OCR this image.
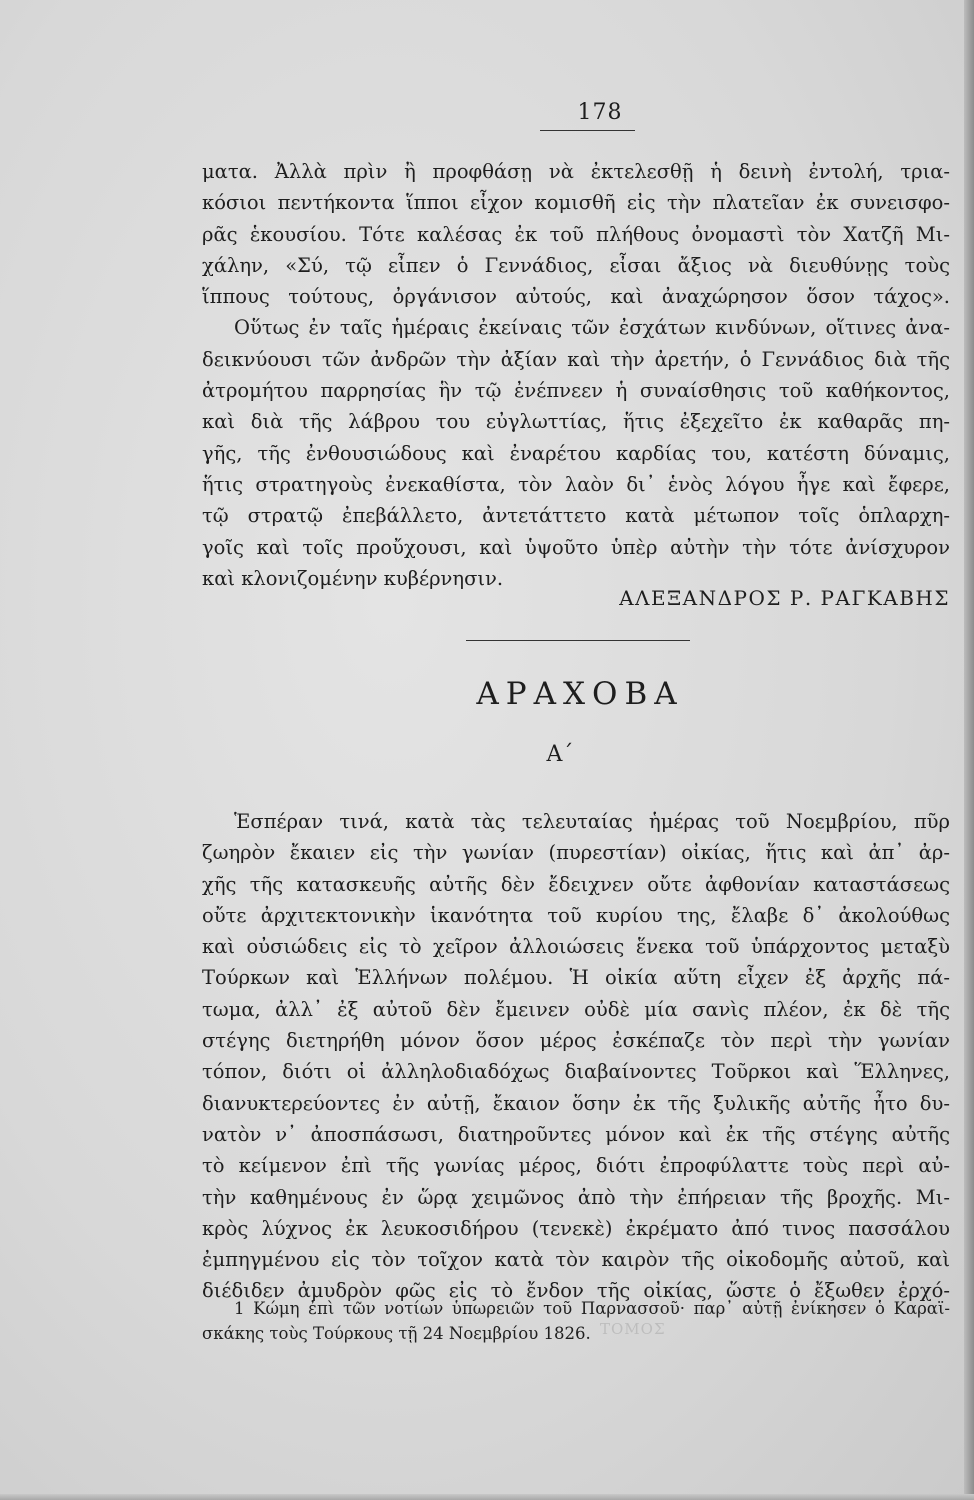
ΤΟΜΟΣ
178
ματα. Ἀλλὰ πρὶν ἢ προφθάσῃ νὰ ἐκτελεσθῇ ἡ δεινὴ ἐντολή, τρια-
κόσιοι πεντήκοντα ἵπποι εἶχον κομισθῆ εἰς τὴν πλατεῖαν ἐκ συνεισφο-
ρᾶς ἑκουσίου. Τότε καλέσας ἐκ τοῦ πλήθους ὀνομαστὶ τὸν Χατζῆ Μι-
χάλην, «Σύ, τῷ εἶπεν ὁ Γεννάδιος, εἶσαι ἄξιος νὰ διευθύνῃς τοὺς
ἵππους τούτους, ὀργάνισον αὐτούς, καὶ ἀναχώρησον ὅσον τάχος».
Οὕτως ἐν ταῖς ἡμέραις ἐκείναις τῶν ἐσχάτων κινδύνων, οἵτινες ἀνα-
δεικνύουσι τῶν ἀνδρῶν τὴν ἀξίαν καὶ τὴν ἀρετήν, ὁ Γεννάδιος διὰ τῆς
ἀτρομήτου παρρησίας ἣν τῷ ἐνέπνεεν ἡ συναίσθησις τοῦ καθήκοντος,
καὶ διὰ τῆς λάβρου του εὐγλωττίας, ἥτις ἐξεχεῖτο ἐκ καθαρᾶς πη-
γῆς, τῆς ἐνθουσιώδους καὶ ἐναρέτου καρδίας του, κατέστη δύναμις,
ἥτις στρατηγοὺς ἐνεκαθίστα, τὸν λαὸν δι᾿ ἑνὸς λόγου ἦγε καὶ ἔφερε,
τῷ στρατῷ ἐπεβάλλετο, ἀντετάττετο κατὰ μέτωπον τοῖς ὁπλαρχη-
γοῖς καὶ τοῖς προὔχουσι, καὶ ὑψοῦτο ὑπὲρ αὐτὴν τὴν τότε ἀνίσχυρον
καὶ κλονιζομένην κυβέρνησιν.
ΑΛΕΞΑΝΔΡΟΣ Ρ. ΡΑΓΚΑΒΗΣ
ΑΡΑΧΟΒΑ
Α΄
Ἑσπέραν τινά, κατὰ τὰς τελευταίας ἡμέρας τοῦ Νοεμβρίου, πῦρ
ζωηρὸν ἔκαιεν εἰς τὴν γωνίαν (πυρεστίαν) οἰκίας, ἥτις καὶ ἀπ᾿ ἀρ-
χῆς τῆς κατασκευῆς αὐτῆς δὲν ἔδειχνεν οὔτε ἀφθονίαν καταστάσεως
οὔτε ἀρχιτεκτονικὴν ἱκανότητα τοῦ κυρίου της, ἔλαβε δ᾿ ἀκολούθως
καὶ οὐσιώδεις εἰς τὸ χεῖρον ἀλλοιώσεις ἕνεκα τοῦ ὑπάρχοντος μεταξὺ
Τούρκων καὶ Ἑλλήνων πολέμου. Ἡ οἰκία αὕτη εἶχεν ἐξ ἀρχῆς πά-
τωμα, ἀλλ᾿ ἐξ αὐτοῦ δὲν ἔμεινεν οὐδὲ μία σανὶς πλέον, ἐκ δὲ τῆς
στέγης διετηρήθη μόνον ὅσον μέρος ἐσκέπαζε τὸν περὶ τὴν γωνίαν
τόπον, διότι οἱ ἀλληλοδιαδόχως διαβαίνοντες Τοῦρκοι καὶ Ἕλληνες,
διανυκτερεύοντες ἐν αὐτῇ, ἔκαιον ὅσην ἐκ τῆς ξυλικῆς αὐτῆς ἦτο δυ-
νατὸν ν᾿ ἀποσπάσωσι, διατηροῦντες μόνον καὶ ἐκ τῆς στέγης αὐτῆς
τὸ κείμενον ἐπὶ τῆς γωνίας μέρος, διότι ἐπροφύλαττε τοὺς περὶ αὐ-
τὴν καθημένους ἐν ὥρᾳ χειμῶνος ἀπὸ τὴν ἐπήρειαν τῆς βροχῆς. Μι-
κρὸς λύχνος ἐκ λευκοσιδήρου (τενεκὲ) ἐκρέματο ἀπό τινος πασσάλου
ἐμπηγμένου εἰς τὸν τοῖχον κατὰ τὸν καιρὸν τῆς οἰκοδομῆς αὐτοῦ, καὶ
διέδιδεν ἀμυδρὸν φῶς εἰς τὸ ἔνδον τῆς οἰκίας, ὥστε ὁ ἔξωθεν ἐρχό-
1 Κώμη ἐπὶ τῶν νοτίων ὑπωρειῶν τοῦ Παρνασσοῦ· παρ᾿ αὐτῇ ἐνίκησεν ὁ Καραϊ-
σκάκης τοὺς Τούρκους τῇ 24 Νοεμβρίου 1826.
